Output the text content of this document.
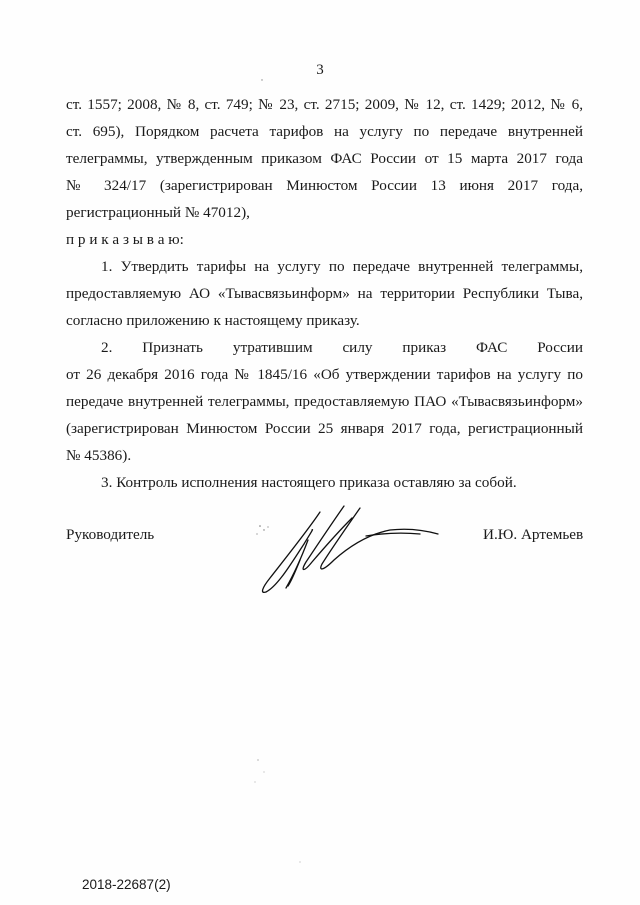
3
ст. 1557; 2008, № 8, ст. 749; № 23, ст. 2715; 2009, № 12, ст. 1429; 2012, № 6,
ст. 695), Порядком расчета тарифов на услугу по передаче внутренней
телеграммы, утвержденным приказом ФАС России от 15 марта 2017 года
№ 324/17 (зарегистрирован Минюстом России 13 июня 2017 года,
регистрационный № 47012),
п р и к а з ы в а ю:
1. Утвердить тарифы на услугу по передаче внутренней телеграммы,
предоставляемую АО «Тывасвязьинформ» на территории Республики Тыва,
согласно приложению к настоящему приказу.
2. Признать утратившим силу приказ ФАС России
от 26 декабря 2016 года № 1845/16 «Об утверждении тарифов на услугу по
передаче внутренней телеграммы, предоставляемую ПАО «Тывасвязьинформ»
(зарегистрирован Минюстом России 25 января 2017 года, регистрационный
№ 45386).
3. Контроль исполнения настоящего приказа оставляю за собой.
Руководитель	И.Ю. Артемьев
2018-22687(2)
